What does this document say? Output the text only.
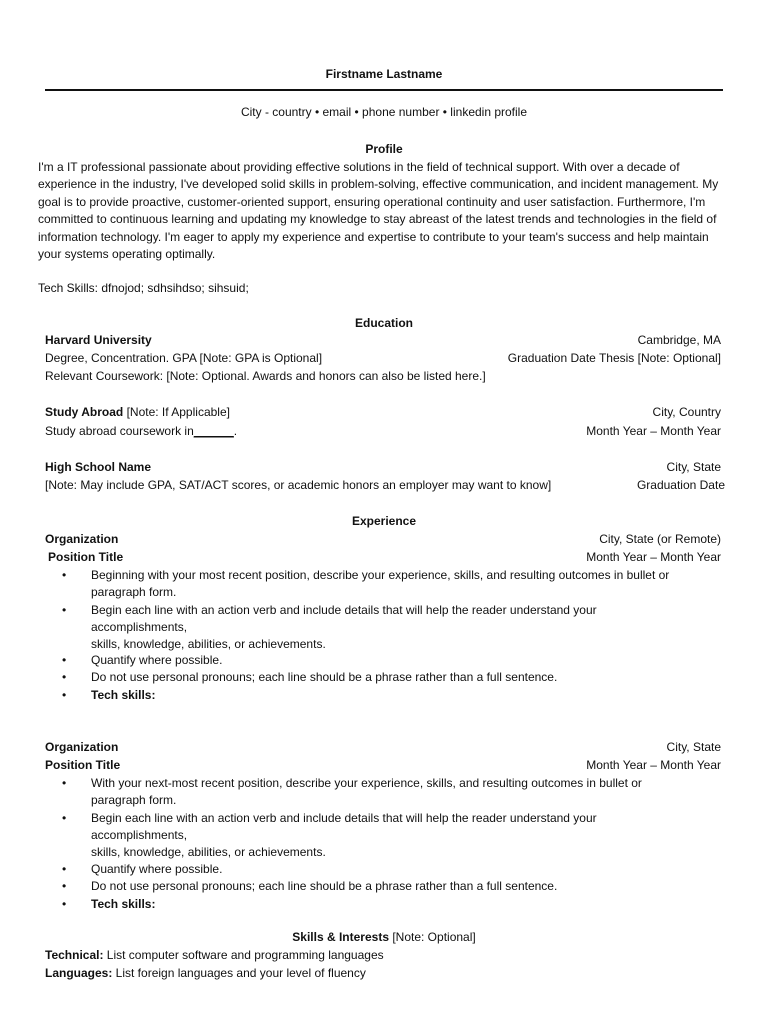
Firstname Lastname
City - country • email • phone number • linkedin profile
Profile
I'm a IT professional passionate about providing effective solutions in the field of technical support. With over a decade of experience in the industry, I've developed solid skills in problem-solving, effective communication, and incident management. My goal is to provide proactive, customer-oriented support, ensuring operational continuity and user satisfaction. Furthermore, I'm committed to continuous learning and updating my knowledge to stay abreast of the latest trends and technologies in the field of information technology. I'm eager to apply my experience and expertise to contribute to your team's success and help maintain your systems operating optimally.
Tech Skills: dfnojod; sdhsihdso; sihsuid;
Education
Harvard University	Cambridge, MA
Degree, Concentration. GPA [Note: GPA is Optional]	Graduation Date Thesis [Note: Optional]
Relevant Coursework: [Note: Optional. Awards and honors can also be listed here.]
Study Abroad [Note: If Applicable]	City, Country
Study abroad coursework in______.	Month Year – Month Year
High School Name	City, State
[Note: May include GPA, SAT/ACT scores, or academic honors an employer may want to know]	Graduation Date
Experience
Organization	City, State (or Remote)
Position Title	Month Year – Month Year
• Beginning with your most recent position, describe your experience, skills, and resulting outcomes in bullet or paragraph form.
• Begin each line with an action verb and include details that will help the reader understand your accomplishments,
skills, knowledge, abilities, or achievements.
• Quantify where possible.
• Do not use personal pronouns; each line should be a phrase rather than a full sentence.
• Tech skills:
Organization	City, State
Position Title	Month Year – Month Year
• With your next-most recent position, describe your experience, skills, and resulting outcomes in bullet or paragraph form.
• Begin each line with an action verb and include details that will help the reader understand your accomplishments,
skills, knowledge, abilities, or achievements.
• Quantify where possible.
• Do not use personal pronouns; each line should be a phrase rather than a full sentence.
• Tech skills:
Skills & Interests [Note: Optional]
Technical: List computer software and programming languages
Languages: List foreign languages and your level of fluency
